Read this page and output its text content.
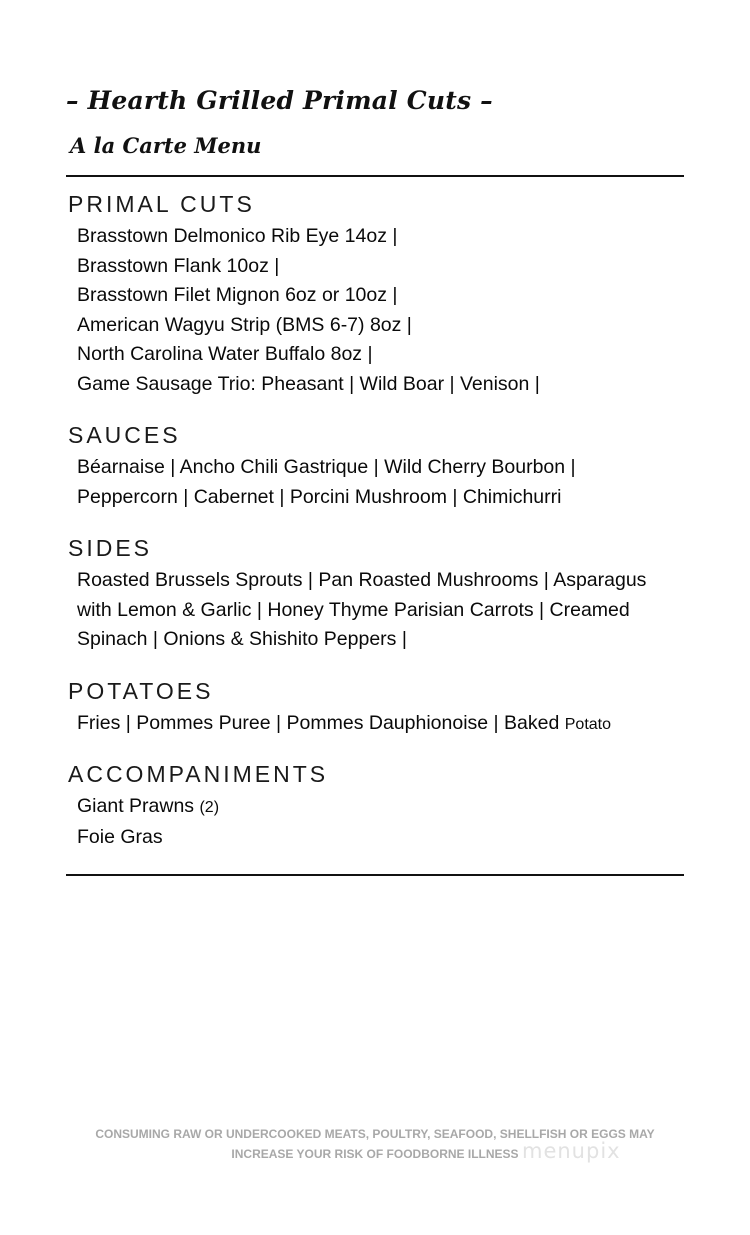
– Hearth Grilled Primal Cuts –
A la Carte Menu
PRIMAL CUTS
Brasstown Delmonico Rib Eye 14oz |
Brasstown Flank 10oz |
Brasstown Filet Mignon 6oz or 10oz |
American Wagyu Strip (BMS 6-7) 8oz |
North Carolina Water Buffalo 8oz |
Game Sausage Trio: Pheasant | Wild Boar | Venison |
SAUCES
Béarnaise | Ancho Chili Gastrique | Wild Cherry Bourbon |
Peppercorn | Cabernet | Porcini Mushroom | Chimichurri
SIDES
Roasted Brussels Sprouts | Pan Roasted Mushrooms | Asparagus
with Lemon & Garlic | Honey Thyme Parisian Carrots | Creamed
Spinach | Onions & Shishito Peppers |
POTATOES
Fries | Pommes Puree | Pommes Dauphionoise | Baked Potato
ACCOMPANIMENTS
Giant Prawns (2)
Foie Gras
CONSUMING RAW OR UNDERCOOKED MEATS, POULTRY, SEAFOOD, SHELLFISH OR EGGS MAY
INCREASE YOUR RISK OF FOODBORNE ILLNESS menupix
